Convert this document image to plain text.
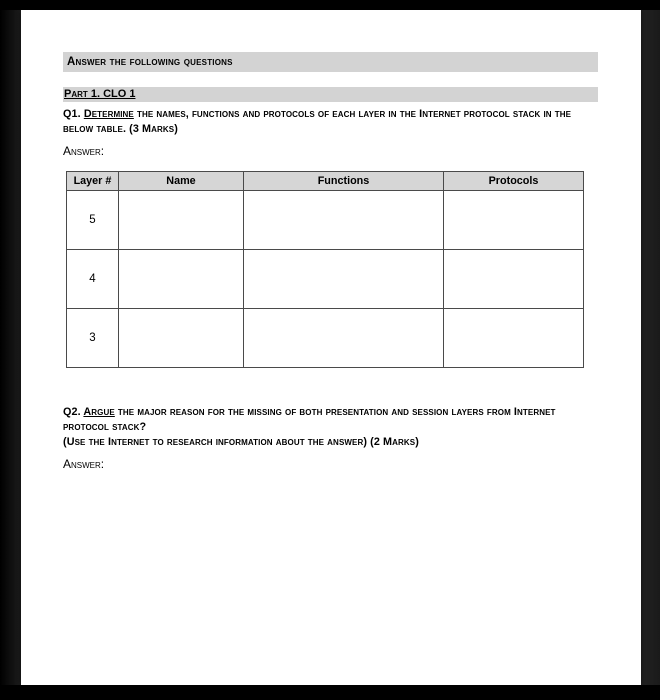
Answer the following questions
Part 1. CLO 1

Q1. Determine the names, functions and protocols of each layer in the Internet protocol stack in the below table. (3 Marks)

Answer:
Layer #	Name	Functions	Protocols
5			
4			
3			

Q2. Argue the major reason for the missing of both presentation and session layers from Internet protocol stack?
(Use the Internet to research information about the answer) (2 Marks)

Answer:
